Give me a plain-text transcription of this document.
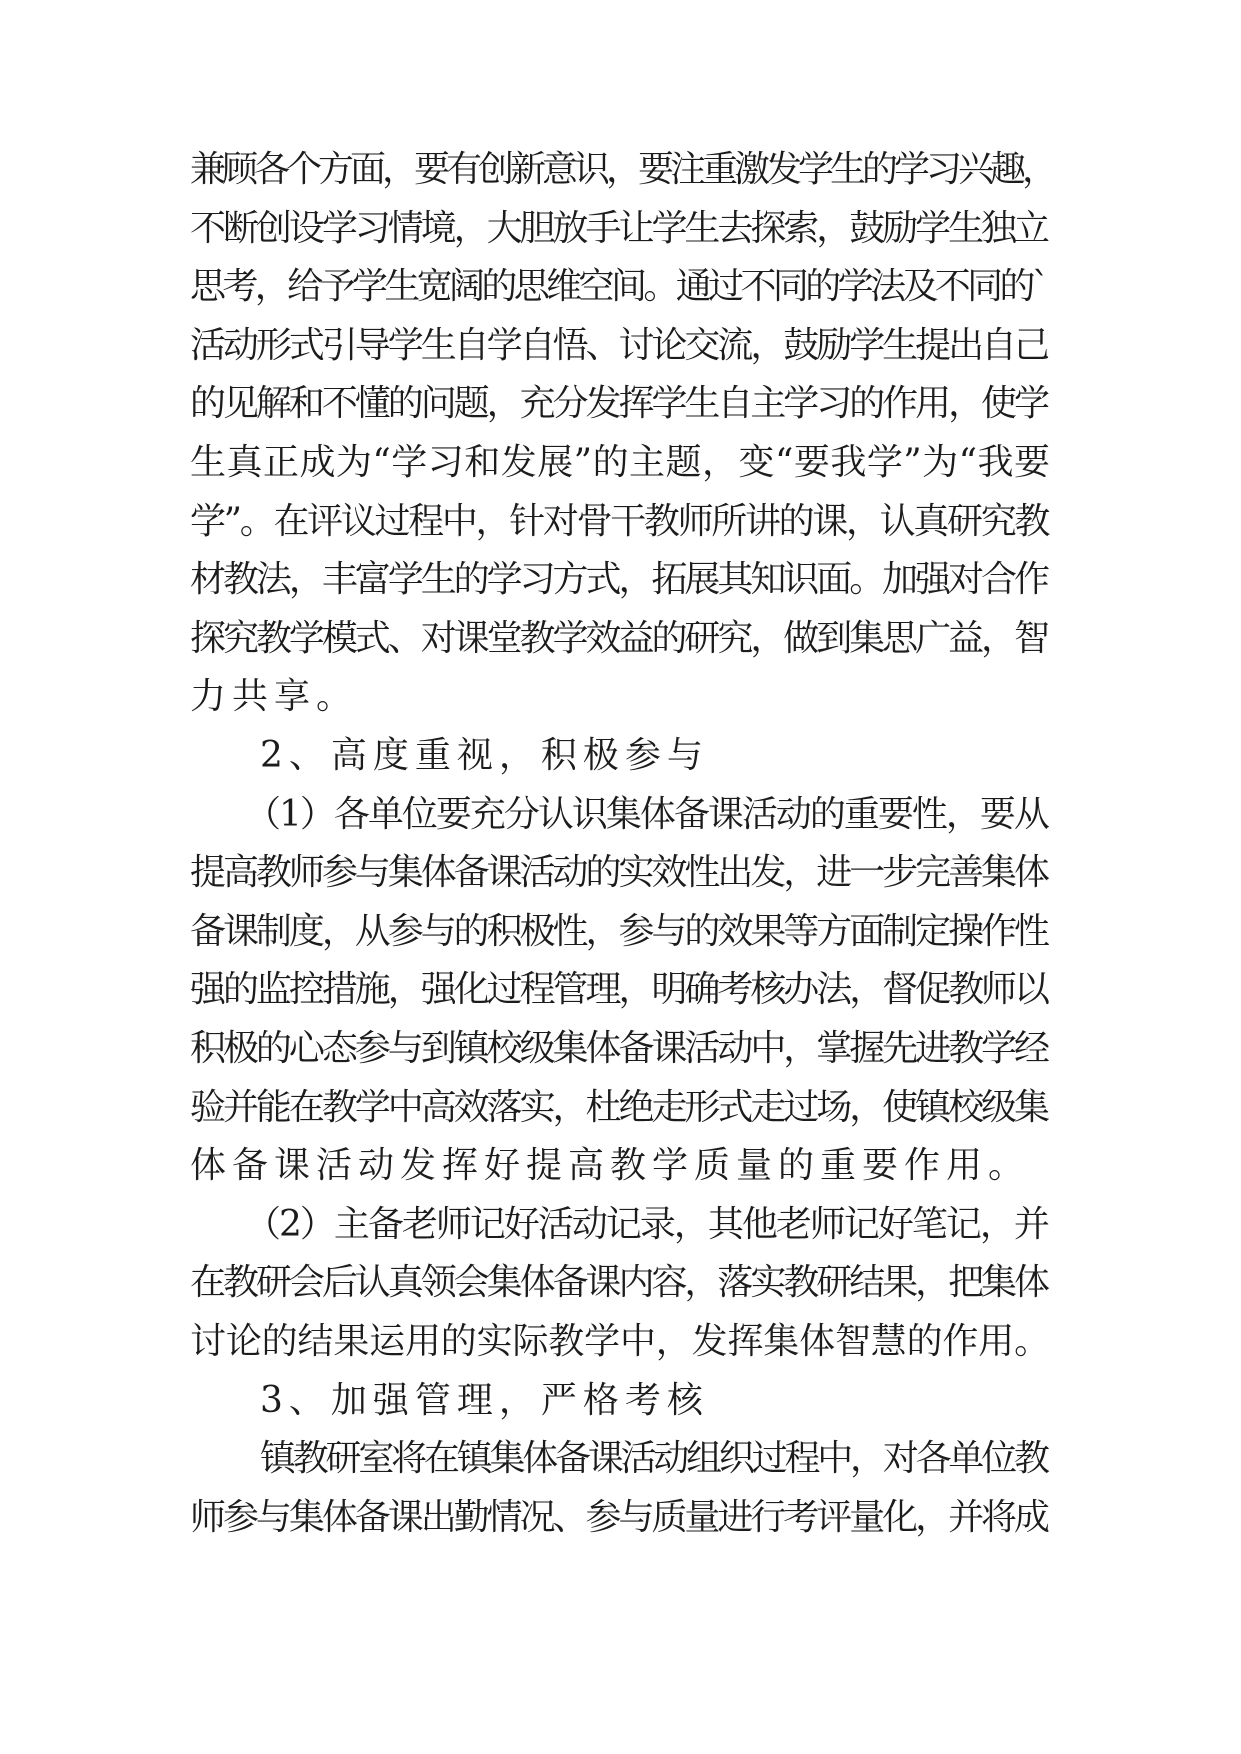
兼顾各个方面，要有创新意识，要注重激发学生的学习兴趣，
不断创设学习情境，大胆放手让学生去探索，鼓励学生独立
思考，给予学生宽阔的思维空间。通过不同的学法及不同的`
活动形式引导学生自学自悟、讨论交流，鼓励学生提出自己
的见解和不懂的问题，充分发挥学生自主学习的作用，使学
生真正成为“学习和发展”的主题，变“要我学”为“我要
学”。在评议过程中，针对骨干教师所讲的课，认真研究教
材教法，丰富学生的学习方式，拓展其知识面。加强对合作
探究教学模式、对课堂教学效益的研究，做到集思广益，智
力共享。
2、高度重视，积极参与
（1）各单位要充分认识集体备课活动的重要性，要从
提高教师参与集体备课活动的实效性出发，进一步完善集体
备课制度，从参与的积极性，参与的效果等方面制定操作性
强的监控措施，强化过程管理，明确考核办法，督促教师以
积极的心态参与到镇校级集体备课活动中，掌握先进教学经
验并能在教学中高效落实，杜绝走形式走过场，使镇校级集
体备课活动发挥好提高教学质量的重要作用。
（2）主备老师记好活动记录，其他老师记好笔记，并
在教研会后认真领会集体备课内容，落实教研结果，把集体
讨论的结果运用的实际教学中，发挥集体智慧的作用。
3、加强管理，严格考核
镇教研室将在镇集体备课活动组织过程中，对各单位教
师参与集体备课出勤情况、参与质量进行考评量化，并将成
